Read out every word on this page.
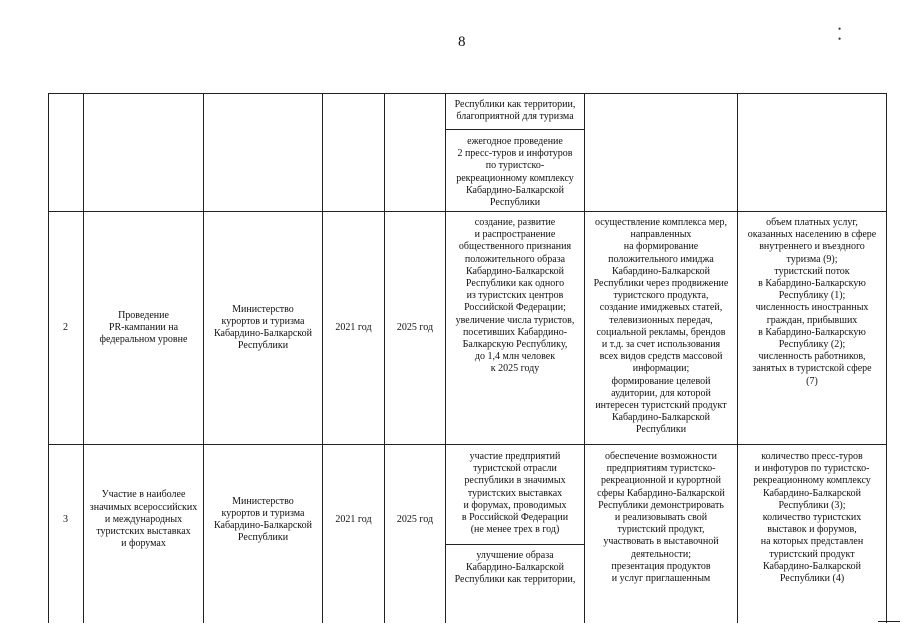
8
• •
Республики как территории,
благоприятной для туризма
ежегодное проведение
2 пресс-туров и инфотуров
по туристско-
рекреационному комплексу
Кабардино-Балкарской
Республики
2
Проведение
PR-кампании на
федеральном уровне
Министерство
курортов и туризма
Кабардино-Балкарской
Республики
2021 год	2025 год
создание, развитие
и распространение
общественного признания
положительного образа
Кабардино-Балкарской
Республики как одного
из туристских центров
Российской Федерации;
увеличение числа туристов,
посетивших Кабардино-
Балкарскую Республику,
до 1,4 млн человек
к 2025 году
осуществление комплекса мер,
направленных
на формирование
положительного имиджа
Кабардино-Балкарской
Республики через продвижение
туристского продукта,
создание имиджевых статей,
телевизионных передач,
социальной рекламы, брендов
и т.д. за счет использования
всех видов средств массовой
информации;
формирование целевой
аудитории, для которой
интересен туристский продукт
Кабардино-Балкарской
Республики
объем платных услуг,
оказанных населению в сфере
внутреннего и въездного
туризма (9);
туристский поток
в Кабардино-Балкарскую
Республику (1);
численность иностранных
граждан, прибывших
в Кабардино-Балкарскую
Республику (2);
численность работников,
занятых в туристской сфере
(7)
3
Участие в наиболее
значимых всероссийских
и международных
туристских выставках
и форумах
Министерство
курортов и туризма
Кабардино-Балкарской
Республики
2021 год	2025 год
участие предприятий
туристской отрасли
республики в значимых
туристских выставках
и форумах, проводимых
в Российской Федерации
(не менее трех в год)
улучшение образа
Кабардино-Балкарской
Республики как территории,
обеспечение возможности
предприятиям туристско-
рекреационной и курортной
сферы Кабардино-Балкарской
Республики демонстрировать
и реализовывать свой
туристский продукт,
участвовать в выставочной
деятельности;
презентация продуктов
и услуг приглашенным
количество пресс-туров
и инфотуров по туристско-
рекреационному комплексу
Кабардино-Балкарской
Республики (3);
количество туристских
выставок и форумов,
на которых представлен
туристский продукт
Кабардино-Балкарской
Республики (4)
